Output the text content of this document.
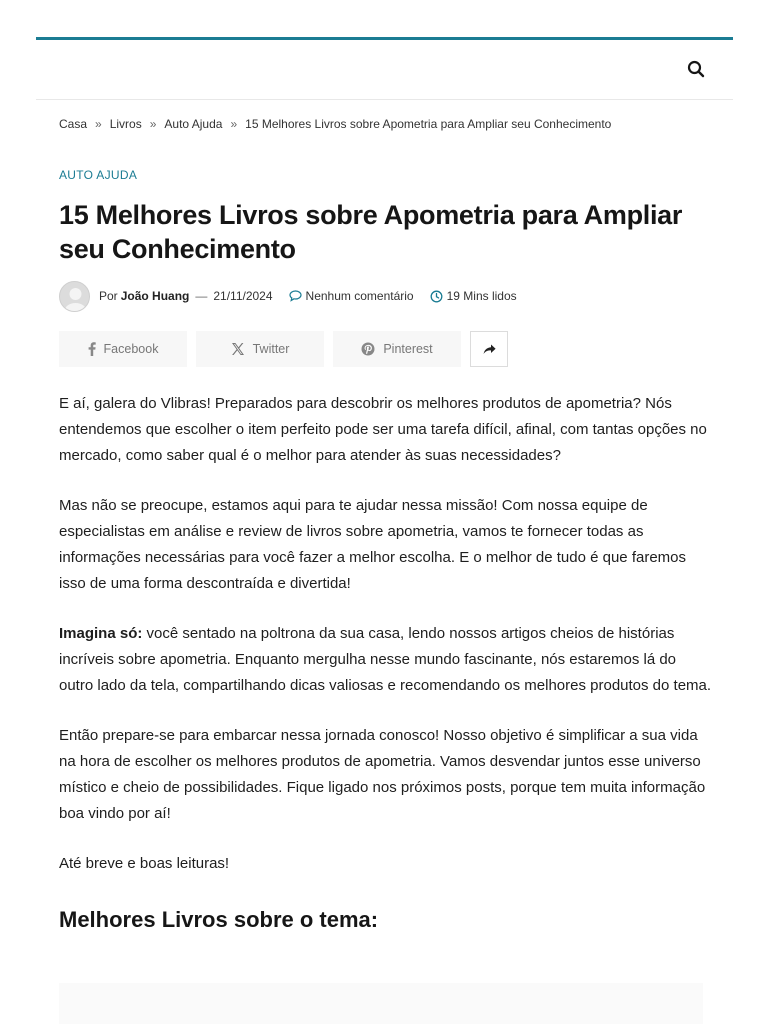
Casa » Livros » Auto Ajuda » 15 Melhores Livros sobre Apometria para Ampliar seu Conhecimento
AUTO AJUDA
15 Melhores Livros sobre Apometria para Ampliar seu Conhecimento
Por João Huang — 21/11/2024	Nenhum comentário	19 Mins lidos
Facebook	Twitter	Pinterest

E aí, galera do Vlibras! Preparados para descobrir os melhores produtos de apometria? Nós entendemos que escolher o item perfeito pode ser uma tarefa difícil, afinal, com tantas opções no mercado, como saber qual é o melhor para atender às suas necessidades?

Mas não se preocupe, estamos aqui para te ajudar nessa missão! Com nossa equipe de especialistas em análise e review de livros sobre apometria, vamos te fornecer todas as informações necessárias para você fazer a melhor escolha. E o melhor de tudo é que faremos isso de uma forma descontraída e divertida!

Imagina só: você sentado na poltrona da sua casa, lendo nossos artigos cheios de histórias incríveis sobre apometria. Enquanto mergulha nesse mundo fascinante, nós estaremos lá do outro lado da tela, compartilhando dicas valiosas e recomendando os melhores produtos do tema.

Então prepare-se para embarcar nessa jornada conosco! Nosso objetivo é simplificar a sua vida na hora de escolher os melhores produtos de apometria. Vamos desvendar juntos esse universo místico e cheio de possibilidades. Fique ligado nos próximos posts, porque tem muita informação boa vindo por aí!

Até breve e boas leituras!

Melhores Livros sobre o tema:
